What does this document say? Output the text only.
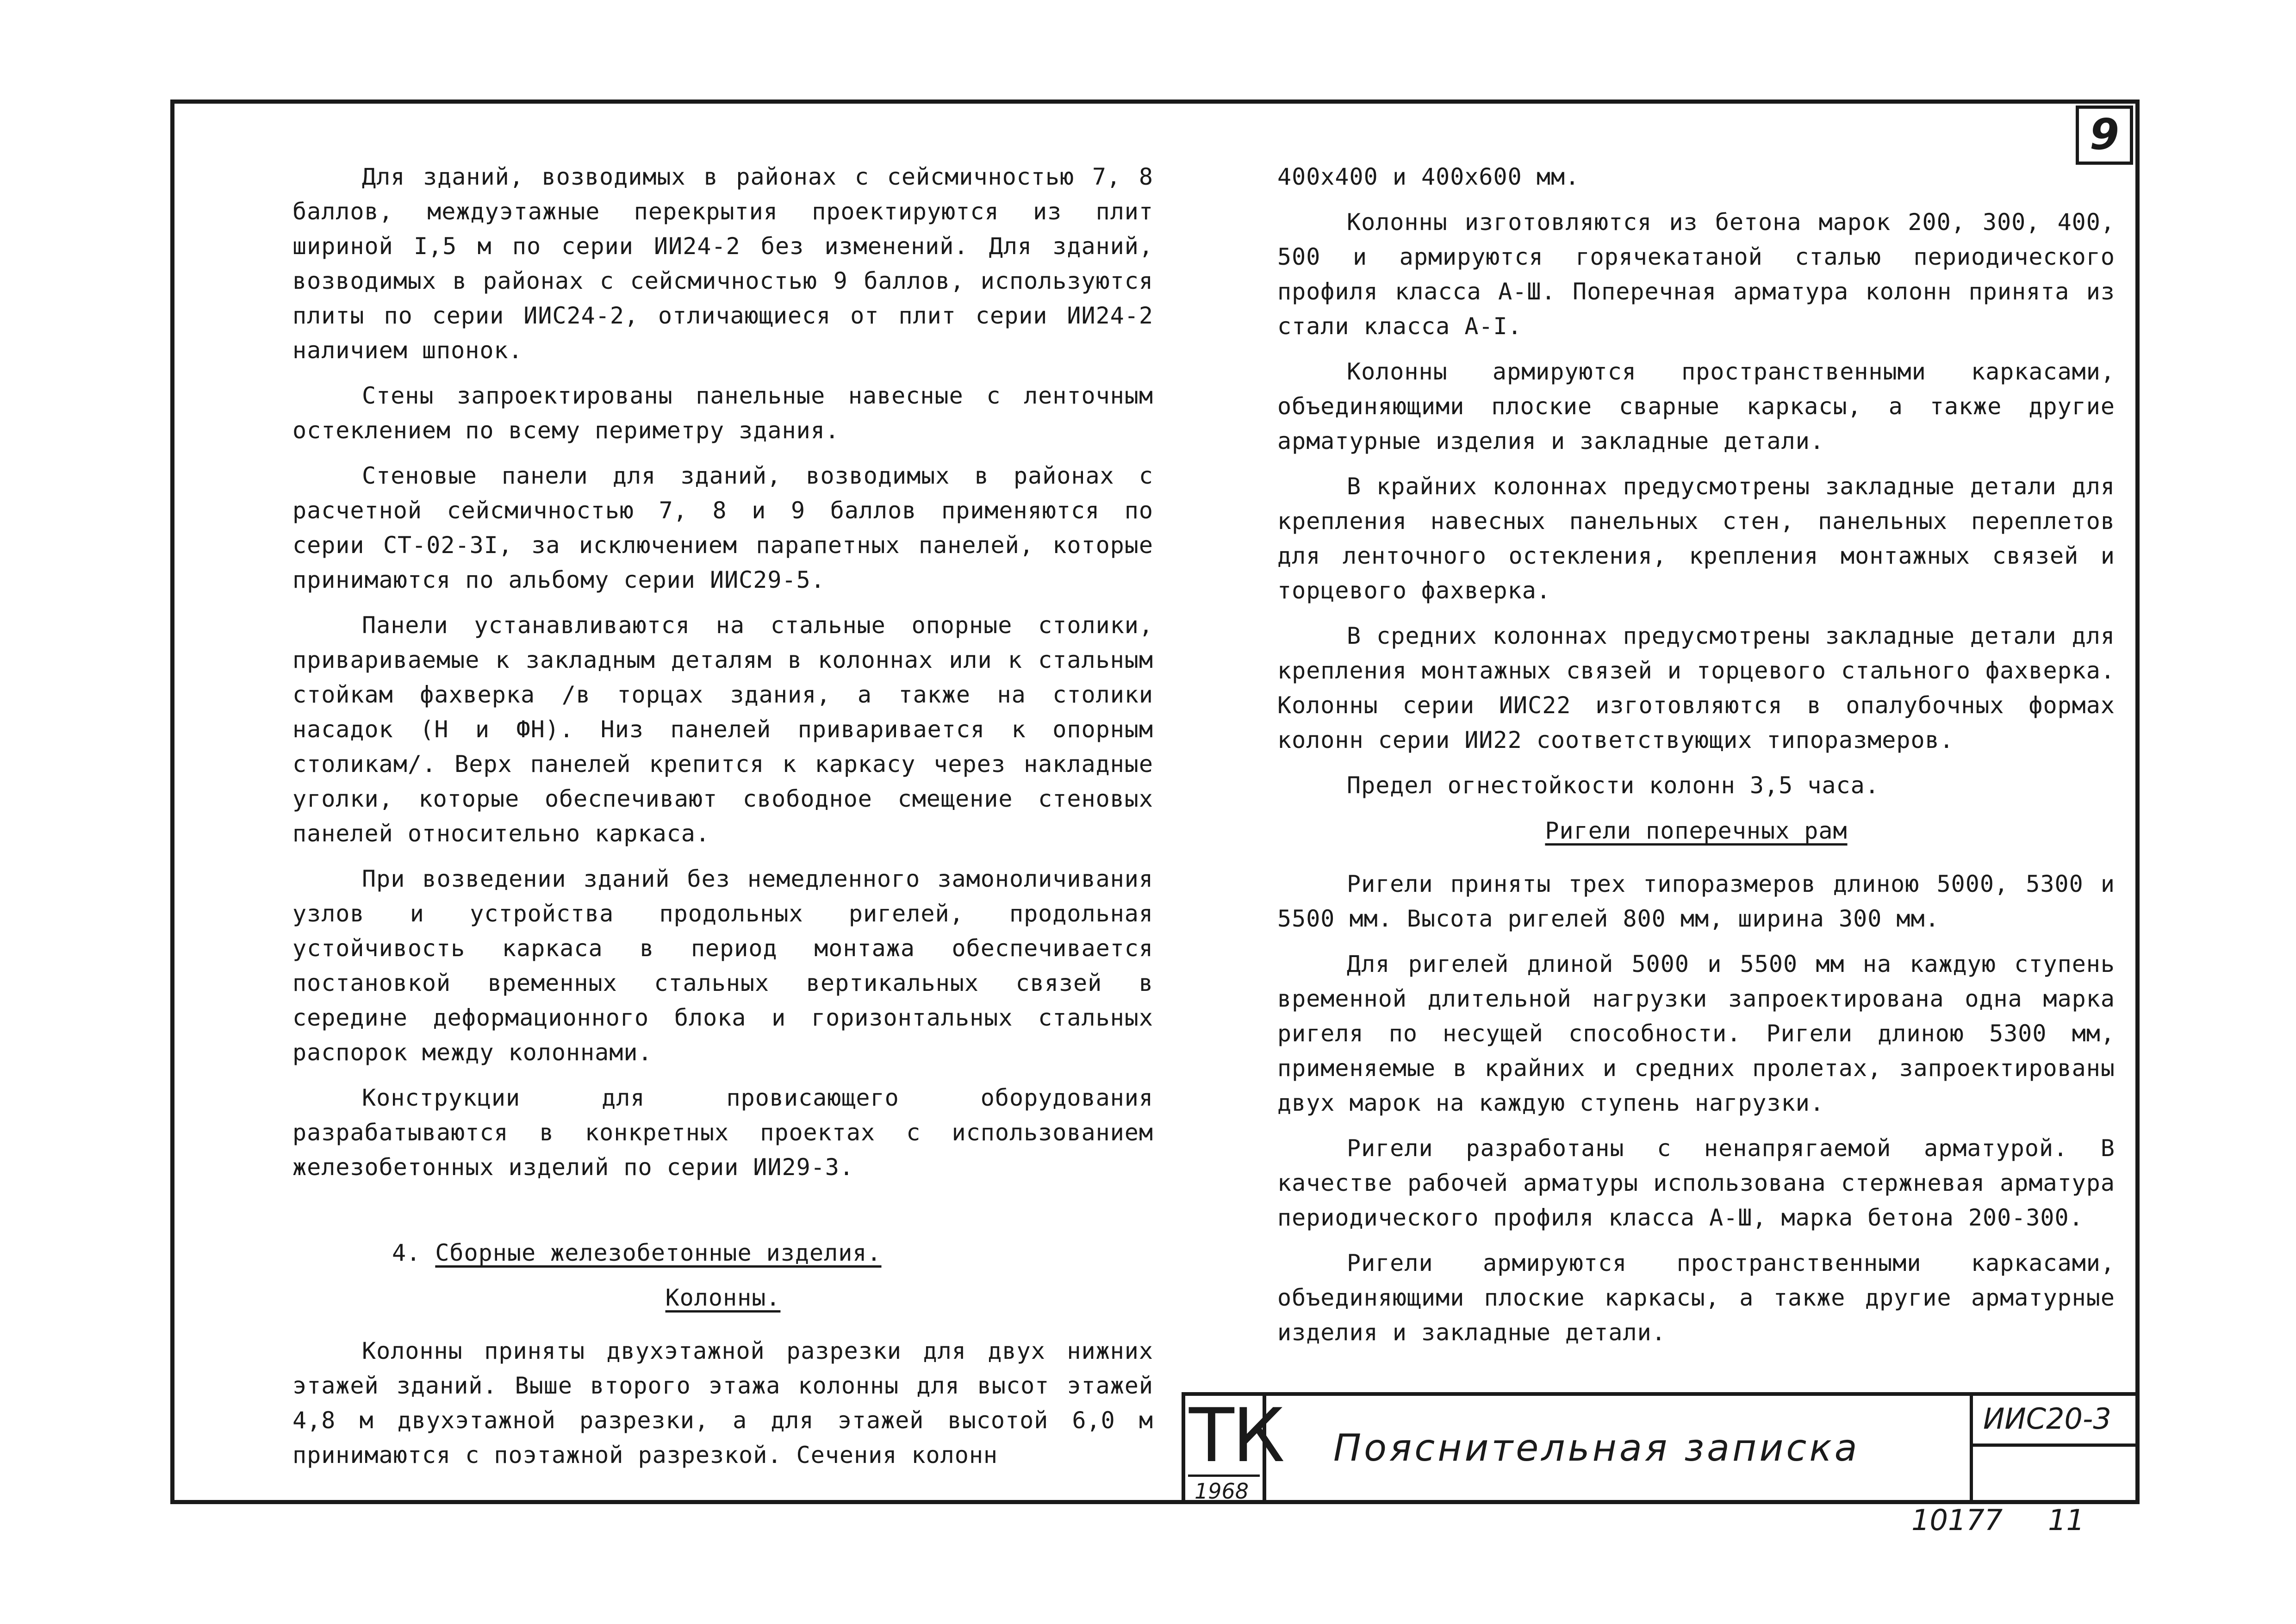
9

Для зданий, возводимых в районах с сейсмичностью 7, 8 баллов, междуэтажные перекрытия проектируются из плит шириной I,5 м по серии ИИ24-2 без изменений. Для зданий, возводимых в районах с сейсмичностью 9 баллов, используются плиты по серии ИИС24-2, отличающиеся от плит серии ИИ24-2 наличием шпонок.

Стены запроектированы панельные навесные с ленточным остеклением по всему периметру здания.

Стеновые панели для зданий, возводимых в районах с расчетной сейсмичностью 7, 8 и 9 баллов применяются по серии СТ-02-3I, за исключением парапетных панелей, которые принимаются по альбому серии ИИС29-5.

Панели устанавливаются на стальные опорные столики, привариваемые к закладным деталям в колоннах или к стальным стойкам фахверка /в торцах здания, а также на столики насадок (Н и ФН). Низ панелей приваривается к опорным столикам/. Верх панелей крепится к каркасу через накладные уголки, которые обеспечивают свободное смещение стеновых панелей относительно каркаса.

При возведении зданий без немедленного замоноличивания узлов и устройства продольных ригелей, продольная устойчивость каркаса в период монтажа обеспечивается постановкой временных стальных вертикальных связей в середине деформационного блока и горизонтальных стальных распорок между колоннами.

Конструкции для провисающего оборудования разрабатываются в конкретных проектах с использованием железобетонных изделий по серии ИИ29-3.

4. Сборные железобетонные изделия.
Колонны.

Колонны приняты двухэтажной разрезки для двух нижних этажей зданий. Выше второго этажа колонны для высот этажей 4,8 м двухэтажной разрезки, а для этажей высотой 6,0 м принимаются с поэтажной разрезкой. Сечения колонн

400x400 и 400x600 мм.

Колонны изготовляются из бетона марок 200, 300, 400, 500 и армируются горячекатаной сталью периодического профиля класса А-Ш. Поперечная арматура колонн принята из стали класса А-I.

Колонны армируются пространственными каркасами, объединяющими плоские сварные каркасы, а также другие арматурные изделия и закладные детали.

В крайних колоннах предусмотрены закладные детали для крепления навесных панельных стен, панельных переплетов для ленточного остекления, крепления монтажных связей и торцевого фахверка.

В средних колоннах предусмотрены закладные детали для крепления монтажных связей и торцевого стального фахверка. Колонны серии ИИС22 изготовляются в опалубочных формах колонн серии ИИ22 соответствующих типоразмеров.

Предел огнестойкости колонн 3,5 часа.

Ригели поперечных рам

Ригели приняты трех типоразмеров длиною 5000, 5300 и 5500 мм. Высота ригелей 800 мм, ширина 300 мм.

Для ригелей длиной 5000 и 5500 мм на каждую ступень временной длительной нагрузки запроектирована одна марка ригеля по несущей способности. Ригели длиною 5300 мм, применяемые в крайних и средних пролетах, запроектированы двух марок на каждую ступень нагрузки.

Ригели разработаны с ненапрягаемой арматурой. В качестве рабочей арматуры использована стержневая арматура периодического профиля класса А-Ш, марка бетона 200-300.

Ригели армируются пространственными каркасами, объединяющими плоские каркасы, а также другие арматурные изделия и закладные детали.

ТК
1968
Пояснительная записка
ИИС20-3
10177 11
